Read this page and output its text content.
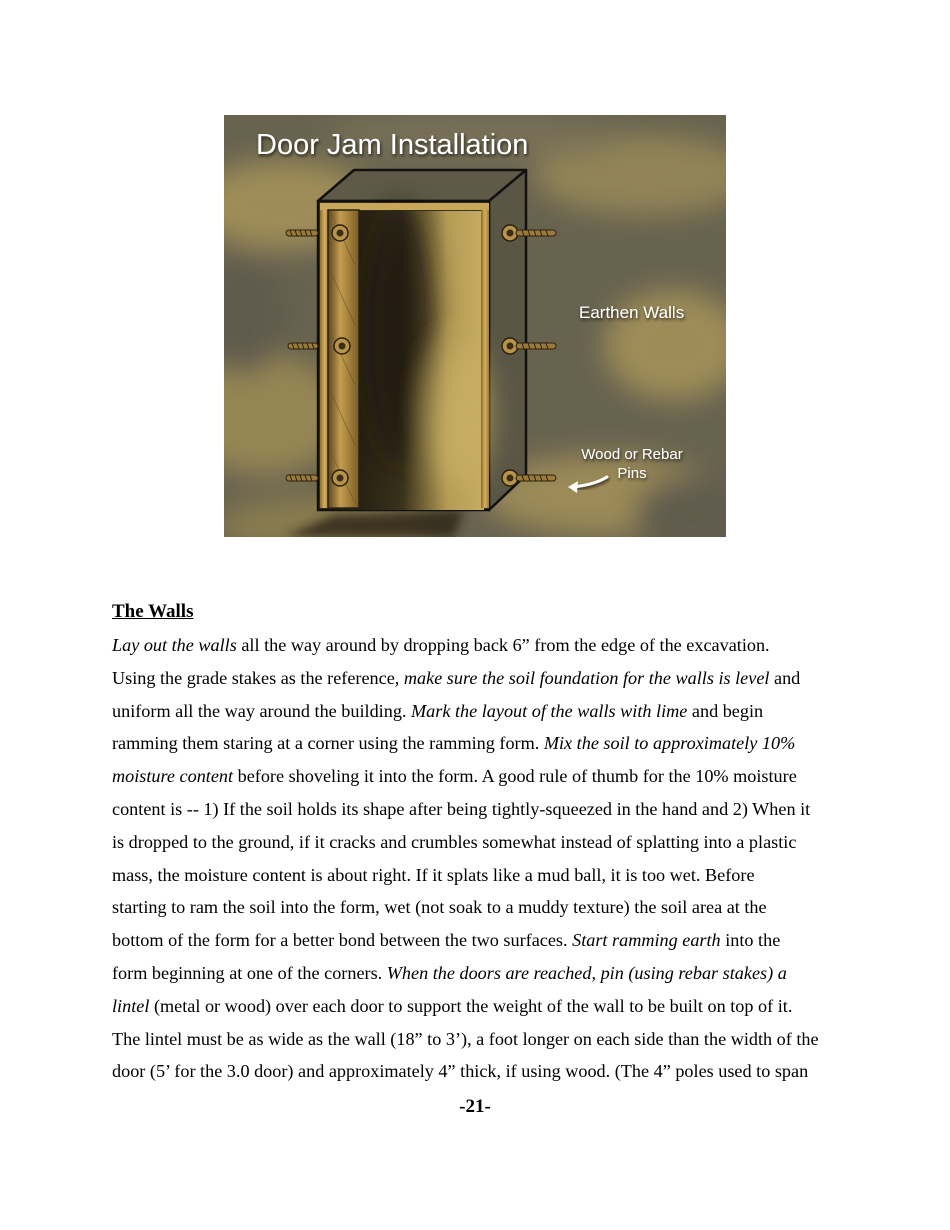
Door Jam Installation
Earthen Walls
Wood or Rebar
Pins
The Walls
Lay out the walls all the way around by dropping back 6” from the edge of the excavation.
Using the grade stakes as the reference, make sure the soil foundation for the walls is level and
uniform all the way around the building. Mark the layout of the walls with lime and begin
ramming them staring at a corner using the ramming form. Mix the soil to approximately 10%
moisture content before shoveling it into the form. A good rule of thumb for the 10% moisture
content is -- 1) If the soil holds its shape after being tightly-squeezed in the hand and 2) When it
is dropped to the ground, if it cracks and crumbles somewhat instead of splatting into a plastic
mass, the moisture content is about right. If it splats like a mud ball, it is too wet. Before
starting to ram the soil into the form, wet (not soak to a muddy texture) the soil area at the
bottom of the form for a better bond between the two surfaces. Start ramming earth into the
form beginning at one of the corners. When the doors are reached, pin (using rebar stakes) a
lintel (metal or wood) over each door to support the weight of the wall to be built on top of it.
The lintel must be as wide as the wall (18” to 3’), a foot longer on each side than the width of the
door (5’ for the 3.0 door) and approximately 4” thick, if using wood. (The 4” poles used to span

-21-
